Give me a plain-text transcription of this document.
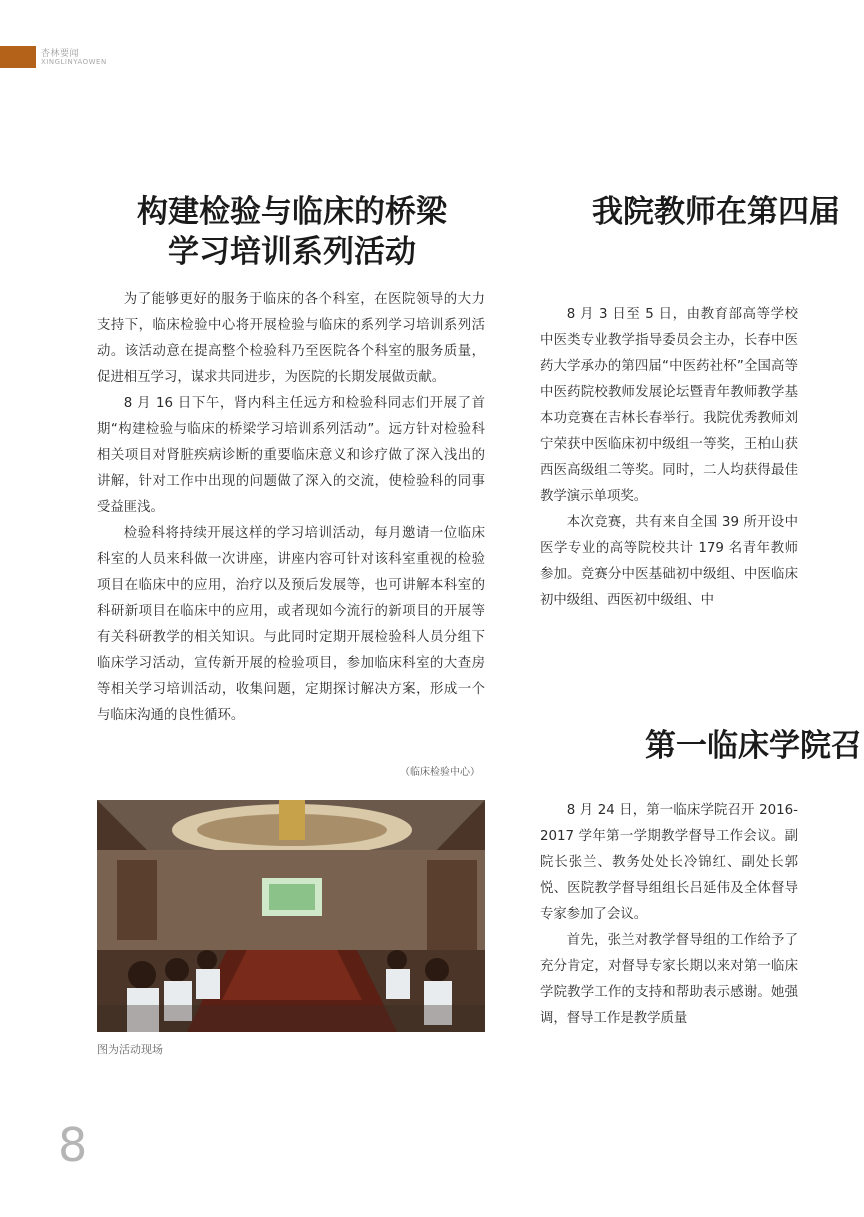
杏林要闻
XINGLINYAOWEN
构建检验与临床的桥梁
学习培训系列活动

为了能够更好的服务于临床的各个科室，在医院领导的大力支持下，临床检验中心将开展检验与临床的系列学习培训系列活动。该活动意在提高整个检验科乃至医院各个科室的服务质量，促进相互学习，谋求共同进步，为医院的长期发展做贡献。

8 月 16 日下午，肾内科主任远方和检验科同志们开展了首期“构建检验与临床的桥梁学习培训系列活动”。远方针对检验科相关项目对肾脏疾病诊断的重要临床意义和诊疗做了深入浅出的讲解，针对工作中出现的问题做了深入的交流，使检验科的同事受益匪浅。

检验科将持续开展这样的学习培训活动，每月邀请一位临床科室的人员来科做一次讲座，讲座内容可针对该科室重视的检验项目在临床中的应用，治疗以及预后发展等，也可讲解本科室的科研新项目在临床中的应用，或者现如今流行的新项目的开展等有关科研教学的相关知识。与此同时定期开展检验科人员分组下临床学习活动，宣传新开展的检验项目，参加临床科室的大查房等相关学习培训活动，收集问题，定期探讨解决方案，形成一个与临床沟通的良性循环。

（临床检验中心）
图为活动现场
我院教师在第四届

8 月 3 日至 5 日，由教育部高等学校中医类专业教学指导委员会主办，长春中医药大学承办的第四届“中医药社杯”全国高等中医药院校教师发展论坛暨青年教师教学基本功竞赛在吉林长春举行。我院优秀教师刘宁荣获中医临床初中级组一等奖，王柏山获西医高级组二等奖。同时，二人均获得最佳教学演示单项奖。

本次竞赛，共有来自全国 39 所开设中医学专业的高等院校共计 179 名青年教师参加。竞赛分中医基础初中级组、中医临床初中级组、西医初中级组、中

第一临床学院召

8 月 24 日，第一临床学院召开 2016-2017 学年第一学期教学督导工作会议。副院长张兰、教务处处长冷锦红、副处长郭悦、医院教学督导组组长吕延伟及全体督导专家参加了会议。

首先，张兰对教学督导组的工作给予了充分肯定，对督导专家长期以来对第一临床学院教学工作的支持和帮助表示感谢。她强调，督导工作是教学质量

8
